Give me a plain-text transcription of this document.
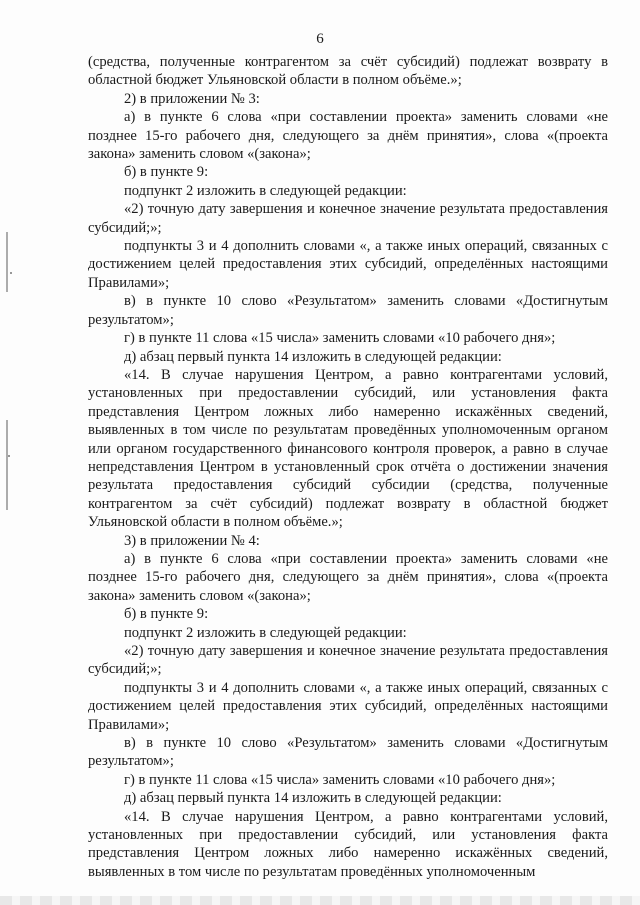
6

(средства, полученные контрагентом за счёт субсидий) подлежат возврату в областной бюджет Ульяновской области в полном объёме.»;

2) в приложении № 3:

а) в пункте 6 слова «при составлении проекта» заменить словами «не позднее 15-го рабочего дня, следующего за днём принятия», слова «(проекта закона» заменить словом «(закона»;

б) в пункте 9:

подпункт 2 изложить в следующей редакции:

«2) точную дату завершения и конечное значение результата предоставления субсидий;»;

подпункты 3 и 4 дополнить словами «, а также иных операций, связанных с достижением целей предоставления этих субсидий, определённых настоящими Правилами»;

в) в пункте 10 слово «Результатом» заменить словами «Достигнутым результатом»;

г) в пункте 11 слова «15 числа» заменить словами «10 рабочего дня»;

д) абзац первый пункта 14 изложить в следующей редакции:

«14. В случае нарушения Центром, а равно контрагентами условий, установленных при предоставлении субсидий, или установления факта представления Центром ложных либо намеренно искажённых сведений, выявленных в том числе по результатам проведённых уполномоченным органом или органом государственного финансового контроля проверок, а равно в случае непредставления Центром в установленный срок отчёта о достижении значения результата предоставления субсидий субсидии (средства, полученные контрагентом за счёт субсидий) подлежат возврату в областной бюджет Ульяновской области в полном объёме.»;

3) в приложении № 4:

а) в пункте 6 слова «при составлении проекта» заменить словами «не позднее 15-го рабочего дня, следующего за днём принятия», слова «(проекта закона» заменить словом «(закона»;

б) в пункте 9:

подпункт 2 изложить в следующей редакции:

«2) точную дату завершения и конечное значение результата предоставления субсидий;»;

подпункты 3 и 4 дополнить словами «, а также иных операций, связанных с достижением целей предоставления этих субсидий, определённых настоящими Правилами»;

в) в пункте 10 слово «Результатом» заменить словами «Достигнутым результатом»;

г) в пункте 11 слова «15 числа» заменить словами «10 рабочего дня»;

д) абзац первый пункта 14 изложить в следующей редакции:

«14. В случае нарушения Центром, а равно контрагентами условий, установленных при предоставлении субсидий, или установления факта представления Центром ложных либо намеренно искажённых сведений, выявленных в том числе по результатам проведённых уполномоченным
